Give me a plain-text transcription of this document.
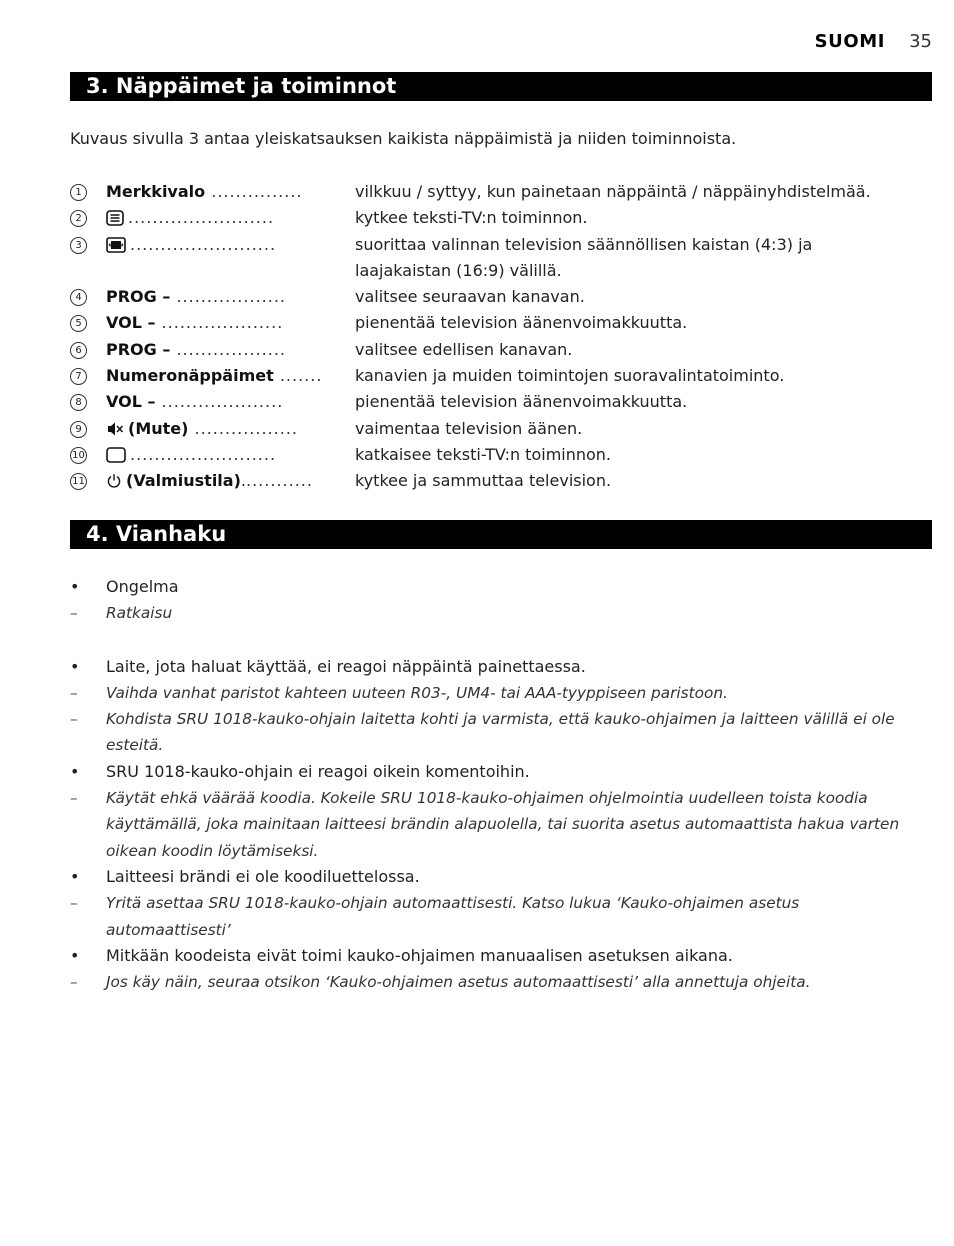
SUOMI 35
3. Näppäimet ja toiminnot
Kuvaus sivulla 3 antaa yleiskatsauksen kaikista näppäimistä ja niiden toiminnoista.
1	Merkkivalo ...............	vilkkuu / syttyy, kun painetaan näppäintä / näppäinyhdistelmää.
2	........................	kytkee teksti-TV:n toiminnon.
3	........................	suorittaa valinnan television säännöllisen kaistan (4:3) ja
laajakaistan (16:9) välillä.
4	PROG – ..................	valitsee seuraavan kanavan.
5	VOL – ....................	pienentää television äänenvoimakkuutta.
6	PROG – ..................	valitsee edellisen kanavan.
7	Numeronäppäimet .......	kanavien ja muiden toimintojen suoravalintatoiminto.
8	VOL – ....................	pienentää television äänenvoimakkuutta.
9	(Mute) .................	vaimentaa television äänen.
10	........................	katkaisee teksti-TV:n toiminnon.
11	(Valmiustila)............	kytkee ja sammuttaa television.
4. Vianhaku
• Ongelma
– Ratkaisu
• Laite, jota haluat käyttää, ei reagoi näppäintä painettaessa.
– Vaihda vanhat paristot kahteen uuteen R03-, UM4- tai AAA-tyyppiseen paristoon.
– Kohdista SRU 1018-kauko-ohjain laitetta kohti ja varmista, että kauko-ohjaimen ja laitteen välillä ei ole
esteitä.
• SRU 1018-kauko-ohjain ei reagoi oikein komentoihin.
– Käytät ehkä väärää koodia. Kokeile SRU 1018-kauko-ohjaimen ohjelmointia uudelleen toista koodia
käyttämällä, joka mainitaan laitteesi brändin alapuolella, tai suorita asetus automaattista hakua varten
oikean koodin löytämiseksi.
• Laitteesi brändi ei ole koodiluettelossa.
– Yritä asettaa SRU 1018-kauko-ohjain automaattisesti. Katso lukua ‘Kauko-ohjaimen asetus automaattisesti’
• Mitkään koodeista eivät toimi kauko-ohjaimen manuaalisen asetuksen aikana.
– Jos käy näin, seuraa otsikon ‘Kauko-ohjaimen asetus automaattisesti’ alla annettuja ohjeita.
